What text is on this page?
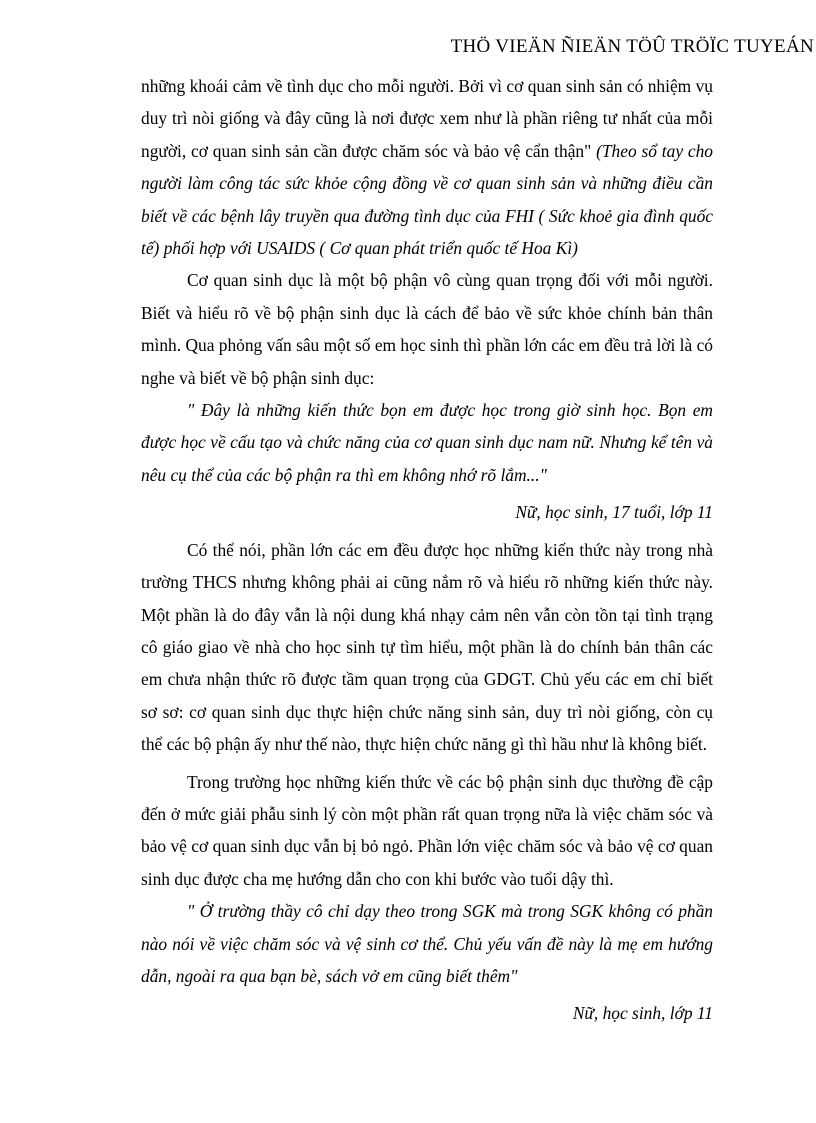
THÖ VIEÄN ÑIEÄN TÖÛ TRÖÏC TUYEÁN

những khoái cảm về tình dục cho mỗi người. Bởi vì cơ quan sinh sản có nhiệm vụ duy trì nòi giống và đây cũng là nơi được xem như là phần riêng tư nhất của mỗi người, cơ quan sinh sản cần được chăm sóc và bảo vệ cẩn thận" (Theo sổ tay cho người làm công tác sức khỏe cộng đồng về cơ quan sinh sản và những điều cần biết về các bệnh lây truyền qua đường tình dục của FHI ( Sức khoẻ gia đình quốc tế) phối hợp với USAIDS ( Cơ quan phát triển quốc tế Hoa Kì)

Cơ quan sinh dục là một bộ phận vô cùng quan trọng đối với mỗi người. Biết và hiểu rõ về bộ phận sinh dục là cách để bảo về sức khỏe chính bản thân mình. Qua phỏng vấn sâu một số em học sinh thì phần lớn các em đều trả lời là có nghe và biết về bộ phận sinh dục:

" Đây là những kiến thức bọn em được học trong giờ sinh học. Bọn em được học về cấu tạo và chức năng của cơ quan sinh dục nam nữ. Nhưng kể tên và nêu cụ thể của các bộ phận ra thì em không nhớ rõ lắm..."

Nữ, học sinh, 17 tuổi, lớp 11

Có thể nói, phần lớn các em đều được học những kiến thức này trong nhà trường THCS nhưng không phải ai cũng nắm rõ và hiểu rõ những kiến thức này. Một phần là do đây vẫn là nội dung khá nhạy cảm nên vẫn còn tồn tại tình trạng cô giáo giao về nhà cho học sinh tự tìm hiểu, một phần là do chính bản thân các em chưa nhận thức rõ được tầm quan trọng của GDGT. Chủ yếu các em chỉ biết sơ sơ: cơ quan sinh dục thực hiện chức năng sinh sản, duy trì nòi giống, còn cụ thể các bộ phận ấy như thế nào, thực hiện chức năng gì thì hầu như là không biết.

Trong trường học những kiến thức về các bộ phận sinh dục thường đề cập đến ở mức giải phẫu sinh lý còn một phần rất quan trọng nữa là việc chăm sóc và bảo vệ cơ quan sinh dục vẫn bị bỏ ngỏ. Phần lớn việc chăm sóc và bảo vệ cơ quan sinh dục được cha mẹ hướng dẫn cho con khi bước vào tuổi dậy thì.

" Ở trường thầy cô chỉ dạy theo trong SGK mà trong SGK không có phần nào nói về việc chăm sóc và vệ sinh cơ thể. Chủ yếu vấn đề này là mẹ em hướng dẫn, ngoài ra qua bạn bè, sách vở em cũng biết thêm"

Nữ, học sinh, lớp 11
